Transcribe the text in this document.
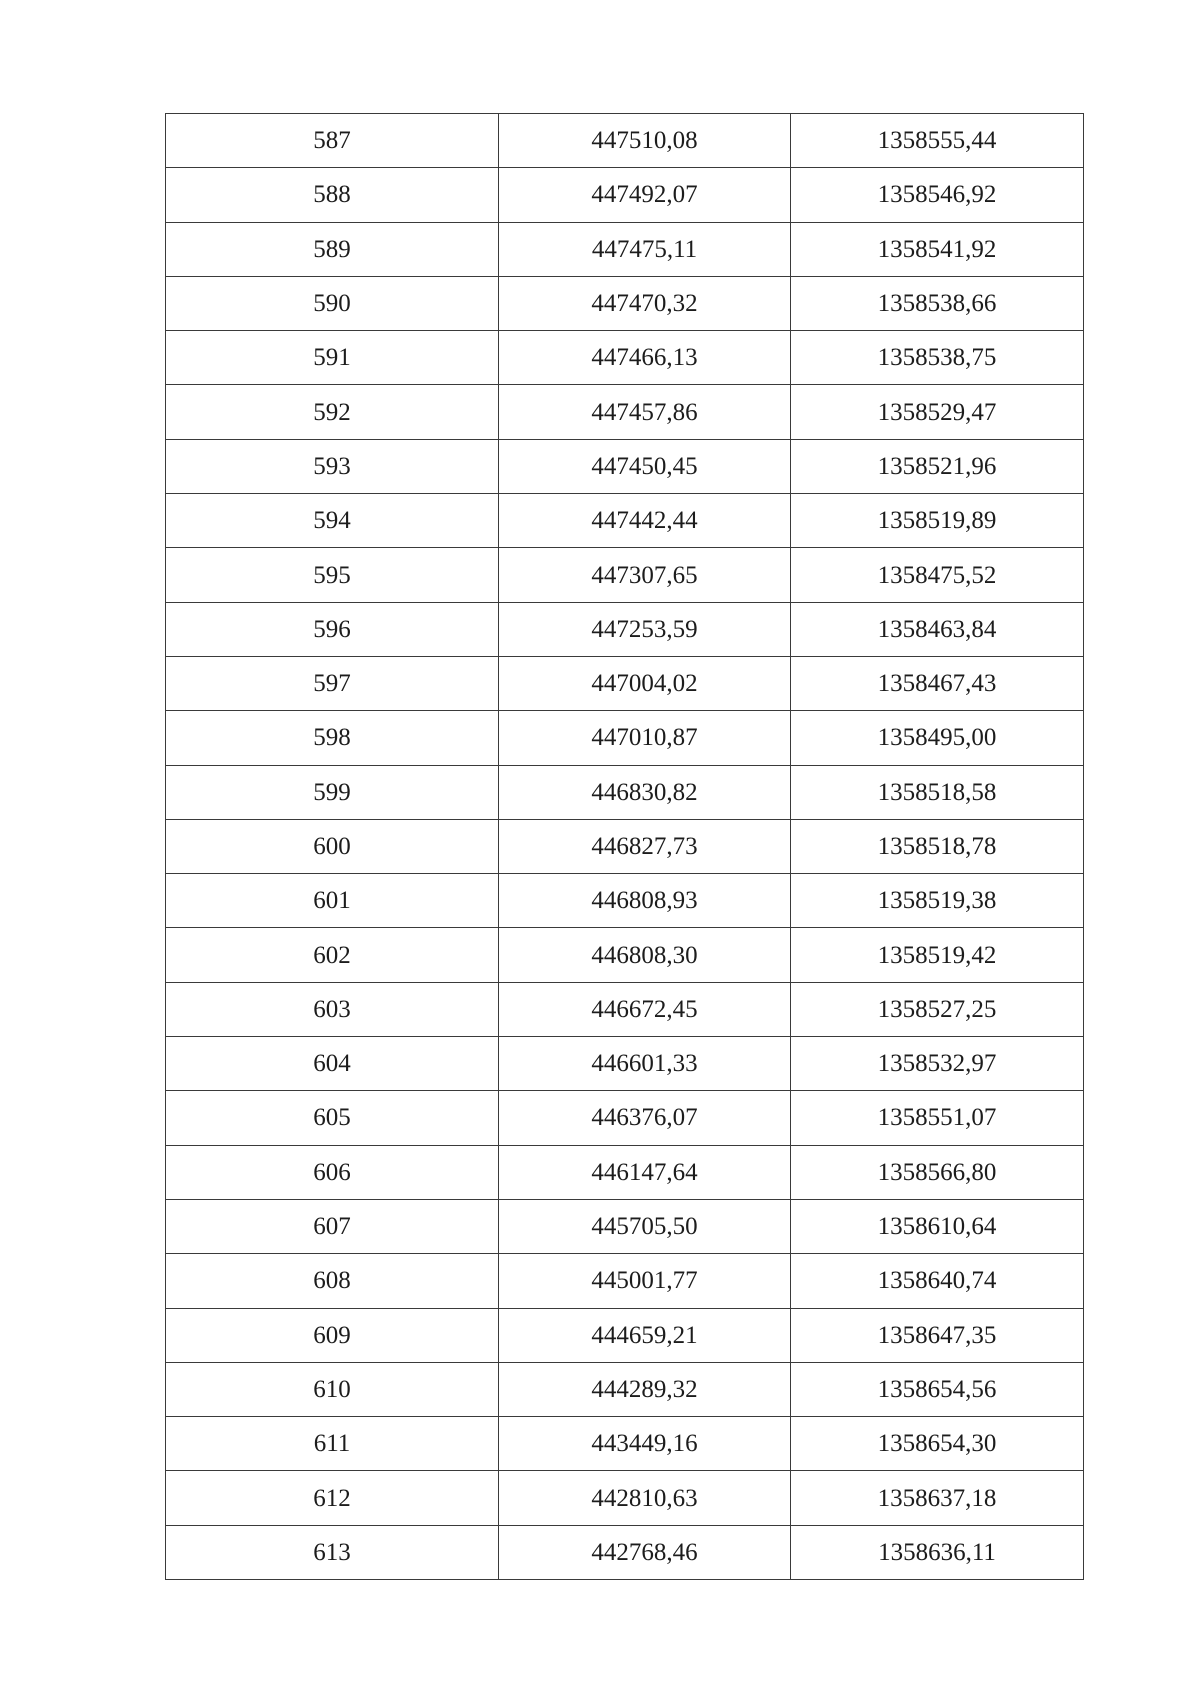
587	447510,08	1358555,44
588	447492,07	1358546,92
589	447475,11	1358541,92
590	447470,32	1358538,66
591	447466,13	1358538,75
592	447457,86	1358529,47
593	447450,45	1358521,96
594	447442,44	1358519,89
595	447307,65	1358475,52
596	447253,59	1358463,84
597	447004,02	1358467,43
598	447010,87	1358495,00
599	446830,82	1358518,58
600	446827,73	1358518,78
601	446808,93	1358519,38
602	446808,30	1358519,42
603	446672,45	1358527,25
604	446601,33	1358532,97
605	446376,07	1358551,07
606	446147,64	1358566,80
607	445705,50	1358610,64
608	445001,77	1358640,74
609	444659,21	1358647,35
610	444289,32	1358654,56
611	443449,16	1358654,30
612	442810,63	1358637,18
613	442768,46	1358636,11
